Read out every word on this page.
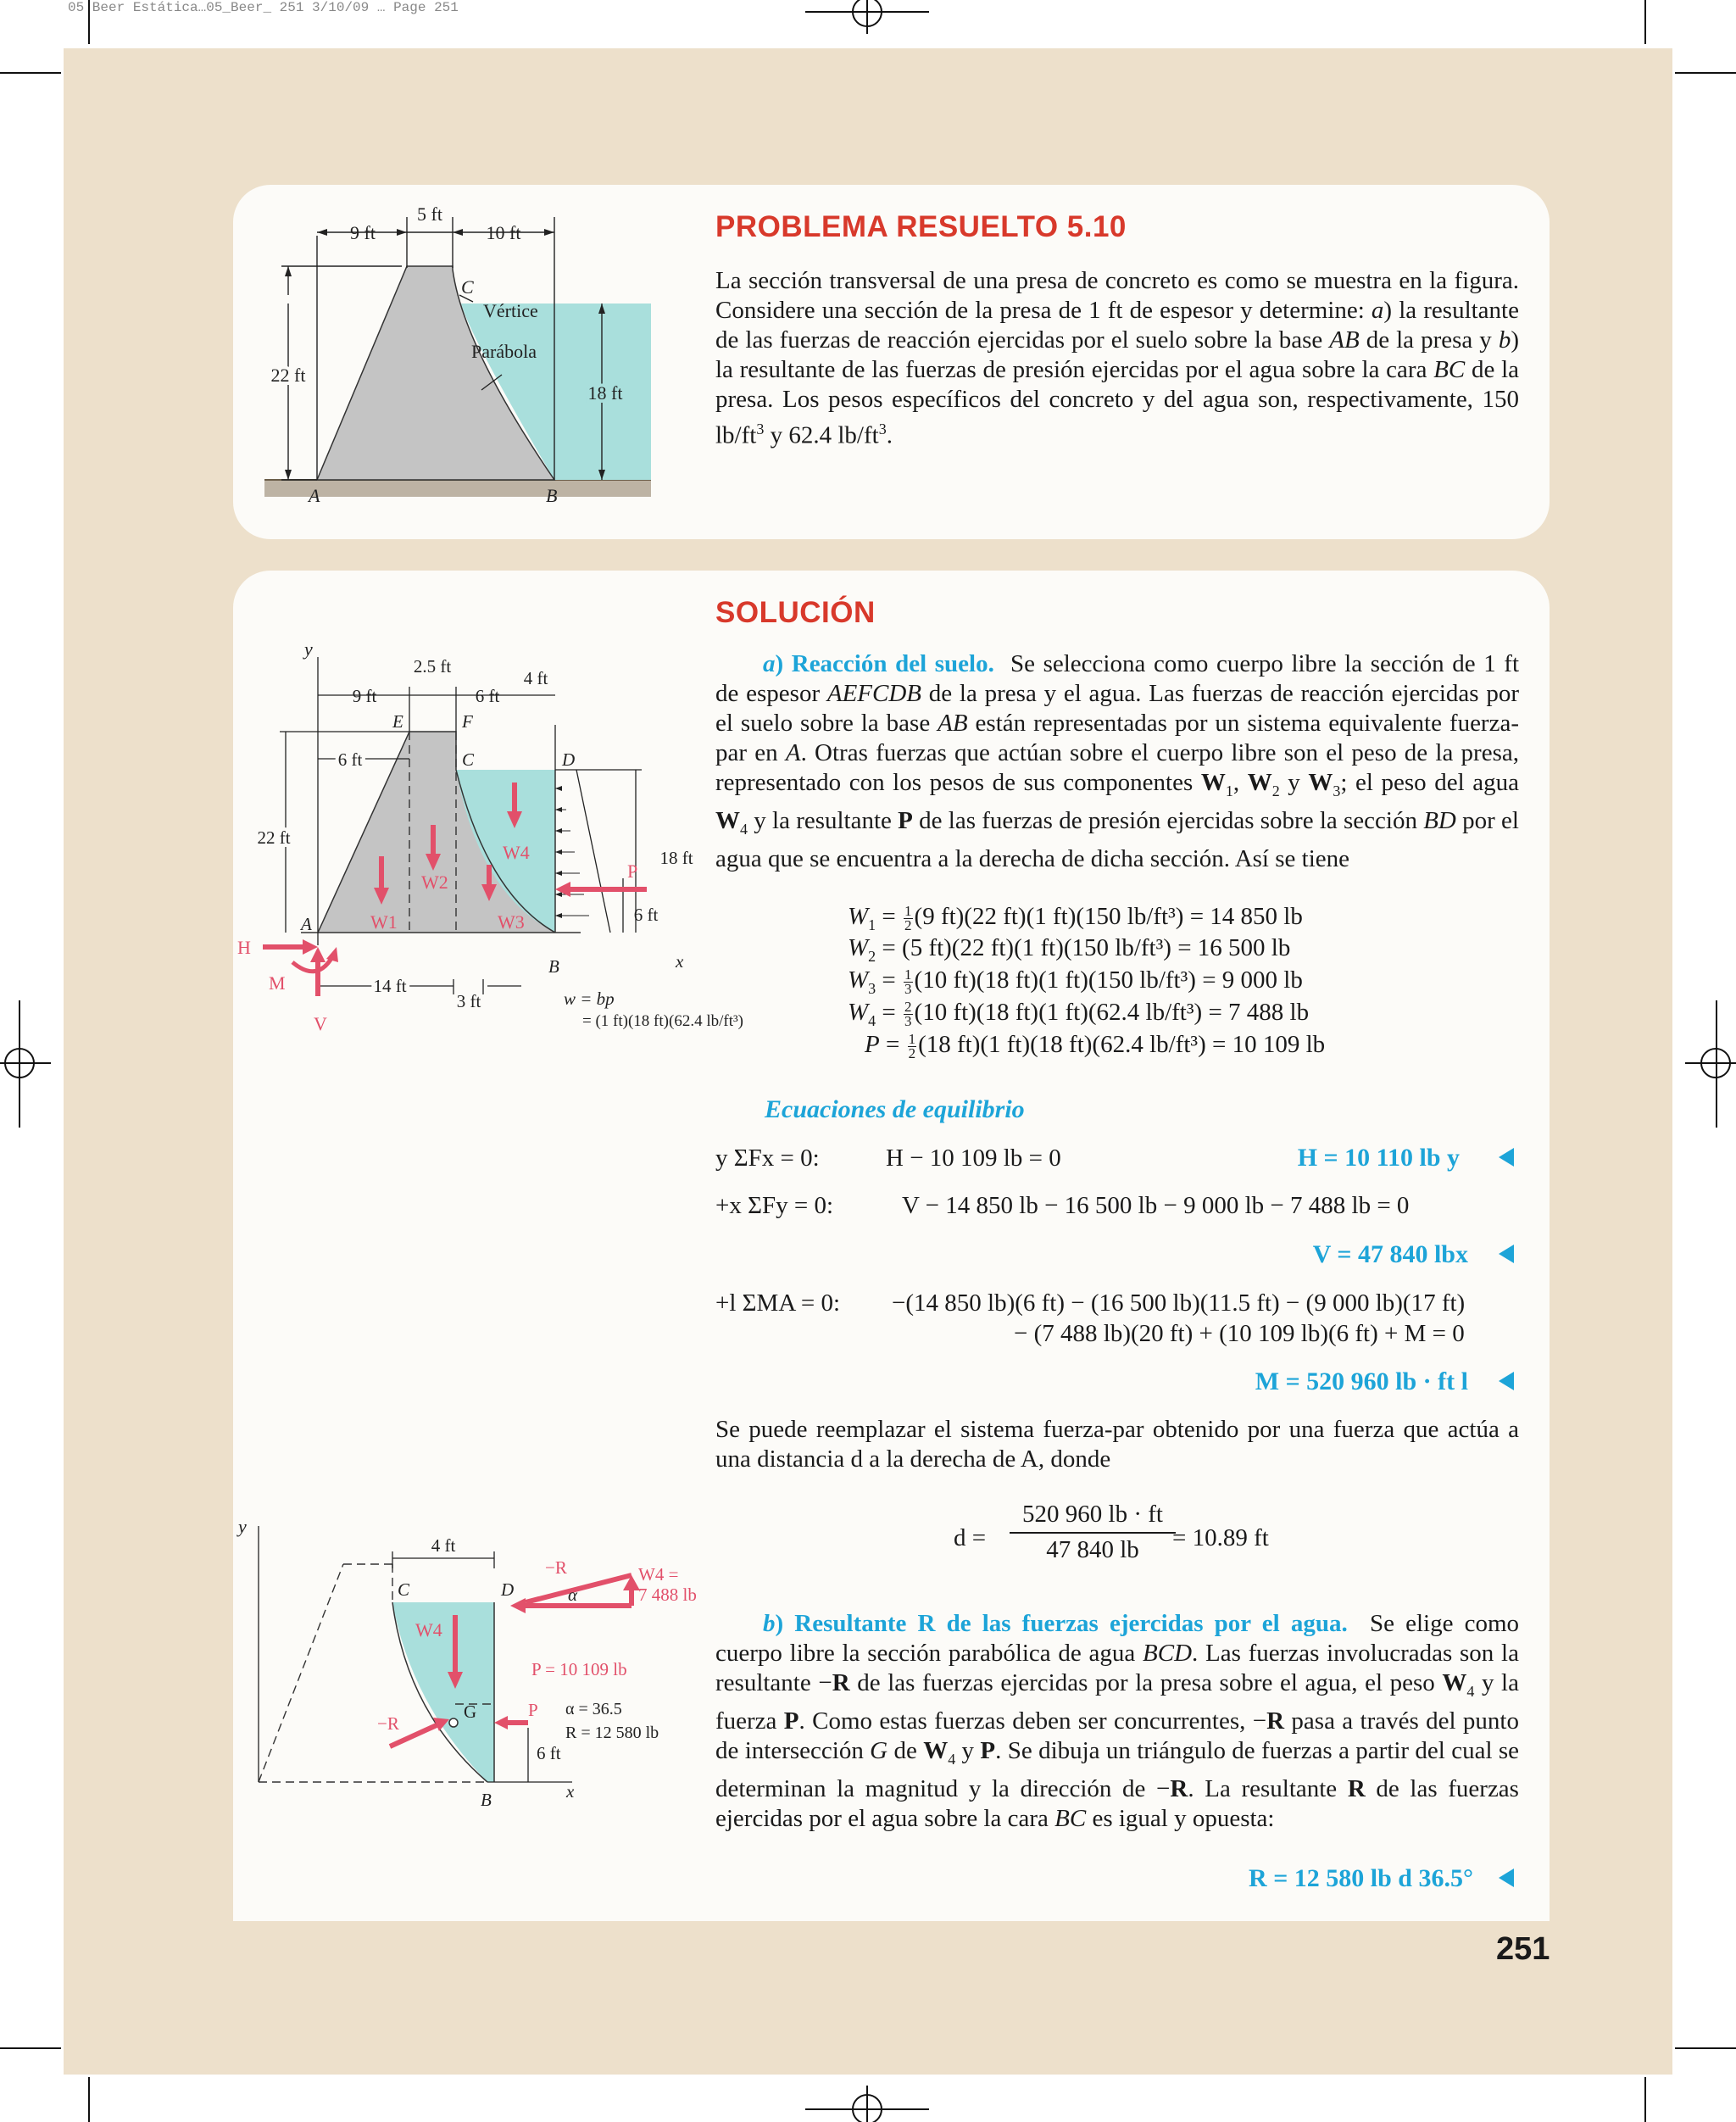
05 Beer Estática…05_Beer_ 251 3/10/09 … Page 251
9 ft
5 ft
10 ft
22 ft
18 ft
C
Vértice
Parábola
A	B
PROBLEMA RESUELTO 5.10

La sección transversal de una presa de concreto es como se muestra en la figura. Considere una sección de la presa de 1 ft de espesor y determine: a) la resultante de las fuerzas de reacción ejercidas por el suelo sobre la base AB de la presa y b) la resultante de las fuerzas de presión ejercidas por el agua sobre la cara BC de la presa. Los pesos específicos del concreto y del agua son, respectivamente, 150 $lb/ft^3$ y 62.4 $lb/ft^3$.

y
2.5 ft
4 ft
9 ft	6 ft
6 ft
22 ft
18 ft
6 ft
14 ft
3 ft
E	F
C	D
A
B	x
W1
W2
W3
W4
P
H
M
V
w = bp
= (1 ft)(18 ft)(62.4 lb/ft³)
SOLUCIÓN

a) Reacción del suelo.  Se selecciona como cuerpo libre la sección de 1 ft de espesor AEFCDB de la presa y el agua. Las fuerzas de reacción ejercidas por el suelo sobre la base AB están representadas por un sistema equivalente fuerza-par en A. Otras fuerzas que actúan sobre el cuerpo libre son el peso de la presa, representado con los pesos de sus componentes $W_1$, $W_2$ y $W_3$; el peso del agua $W_4$ y la resultante P de las fuerzas de presión ejercidas sobre la sección BD por el agua que se encuentra a la derecha de dicha sección. Así se tiene

$W_1 = \frac{1}{2} (9$ ft)(22 ft)(1 ft)(150 lb/ft³) = 14 850 lb
$W_2 = (5$ ft)(22 ft)(1 ft)(150 lb/ft³) = 16 500 lb
$W_3 = \frac{1}{3} (10$ ft)(18 ft)(1 ft)(150 lb/ft³) = 9 000 lb
$W_4 = \frac{2}{3} (10$ ft)(18 ft)(1 ft)(62.4 lb/ft³) = 7 488 lb
$P = \frac{1}{2} (18$ ft)(1 ft)(18 ft)(62.4 lb/ft³) = 10 109 lb
Ecuaciones de equilibrio
y ΣFx = 0:	H − 10 109 lb = 0	H = 10 110 lb y
+x ΣFy = 0:	V − 14 850 lb − 16 500 lb − 9 000 lb − 7 488 lb = 0
V = 47 840 lbx
+l ΣMA = 0: −(14 850 lb)(6 ft) − (16 500 lb)(11.5 ft) − (9 000 lb)(17 ft)
− (7 488 lb)(20 ft) + (10 109 lb)(6 ft) + M = 0
M = 520 960 lb · ft l
Se puede reemplazar el sistema fuerza-par obtenido por una fuerza que actúa a una distancia d a la derecha de A, donde
d =
520 960 lb · ft
47 840 lb	= 10.89 ft
y
4 ft
C	D
W4
G
−R
P
6 ft
B	x
−R	W4 =
7 488 lb
α
P = 10 109 lb
α = 36.5
R = 12 580 lb

b) Resultante R de las fuerzas ejercidas por el agua.  Se elige como cuerpo libre la sección parabólica de agua BCD. Las fuerzas involucradas son la resultante −R de las fuerzas ejercidas por la presa sobre el agua, el peso $W_4$ y la fuerza P. Como estas fuerzas deben ser concurrentes, −R pasa a través del punto de intersección G de $W_4$ y P. Se dibuja un triángulo de fuerzas a partir del cual se determinan la magnitud y la dirección de −R. La resultante R de las fuerzas ejercidas por el agua sobre la cara BC es igual y opuesta:

R = 12 580 lb d 36.5°
251
